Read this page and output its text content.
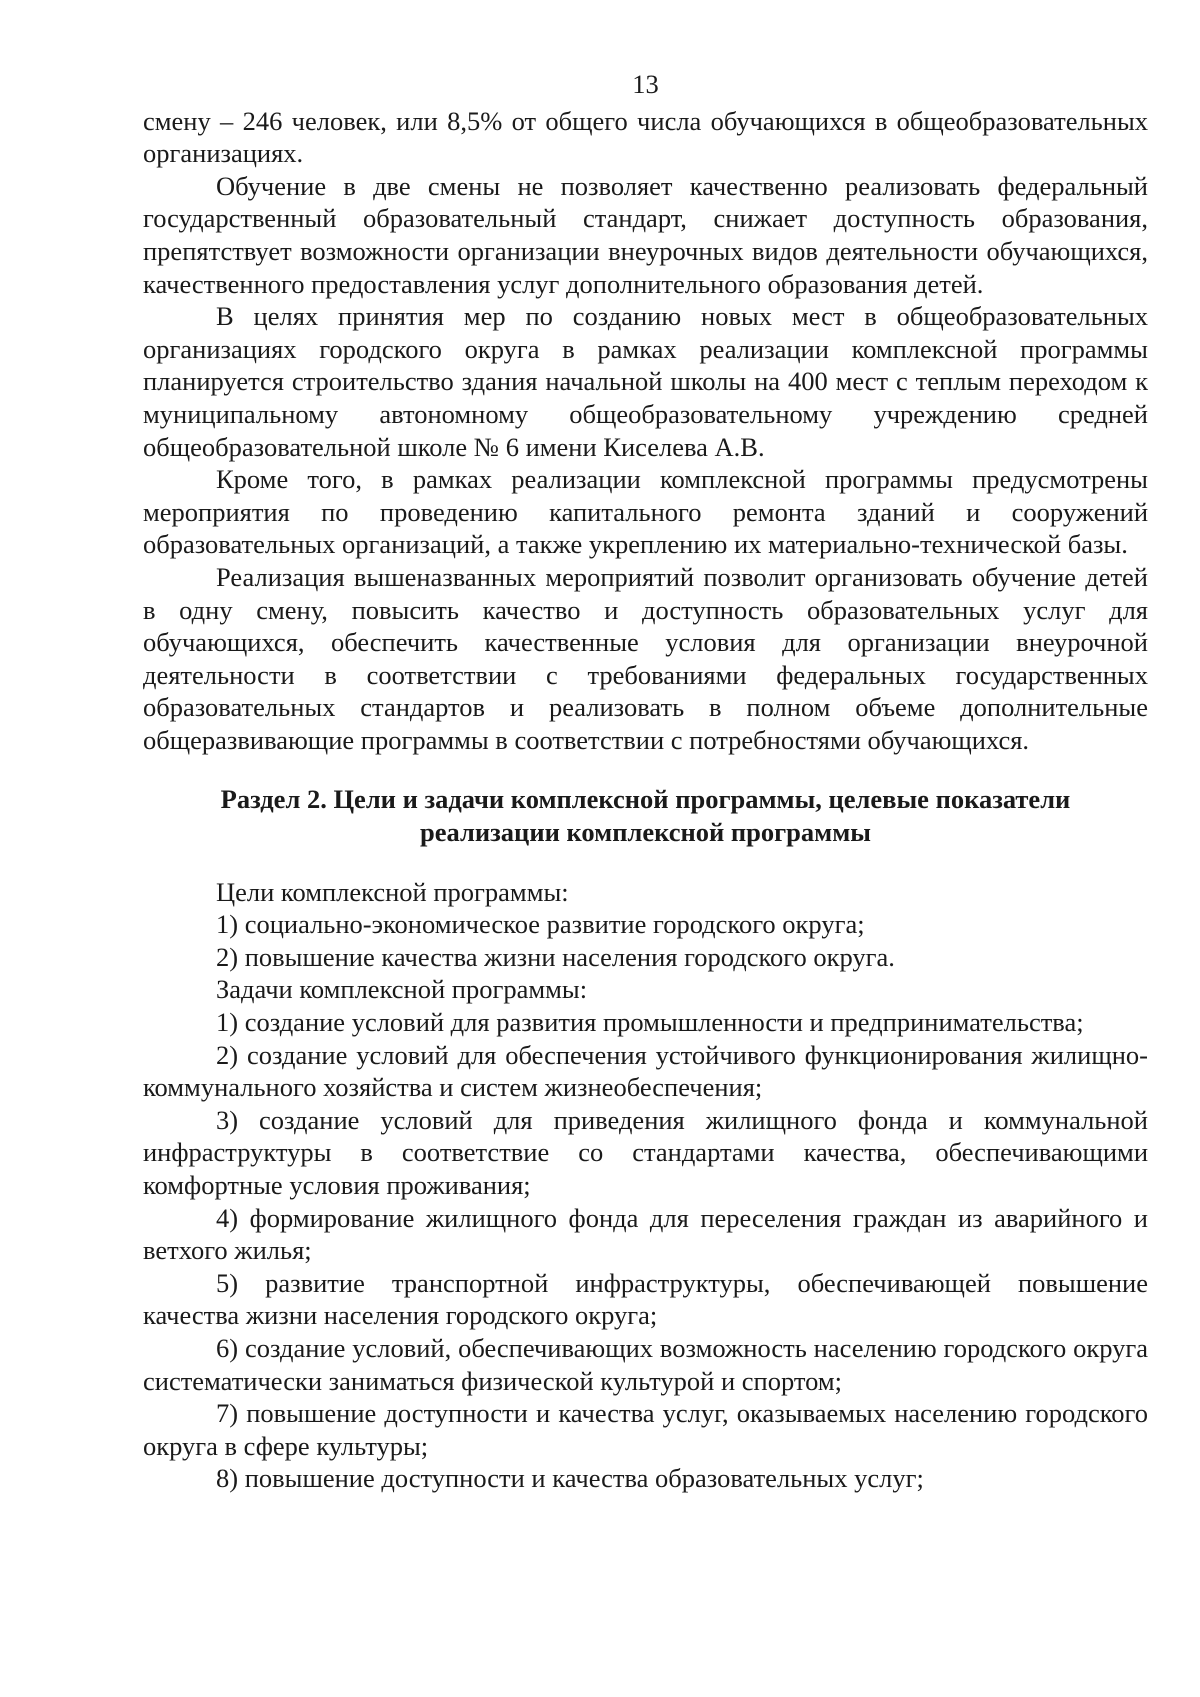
13

смену – 246 человек, или 8,5% от общего числа обучающихся в общеобразовательных организациях.

Обучение в две смены не позволяет качественно реализовать федеральный государственный образовательный стандарт, снижает доступность образования, препятствует возможности организации внеурочных видов деятельности обучающихся, качественного предоставления услуг дополнительного образования детей.

В целях принятия мер по созданию новых мест в общеобразовательных организациях городского округа в рамках реализации комплексной программы планируется строительство здания начальной школы на 400 мест с теплым переходом к муниципальному автономному общеобразовательному учреждению средней общеобразовательной школе № 6 имени Киселева А.В.

Кроме того, в рамках реализации комплексной программы предусмотрены мероприятия по проведению капитального ремонта зданий и сооружений образовательных организаций, а также укреплению их материально-технической базы.

Реализация вышеназванных мероприятий позволит организовать обучение детей в одну смену, повысить качество и доступность образовательных услуг для обучающихся, обеспечить качественные условия для организации внеурочной деятельности в соответствии с требованиями федеральных государственных образовательных стандартов и реализовать в полном объеме дополнительные общеразвивающие программы в соответствии с потребностями обучающихся.

Раздел 2. Цели и задачи комплексной программы, целевые показатели
реализации комплексной программы

Цели комплексной программы:

1) социально-экономическое развитие городского округа;

2) повышение качества жизни населения городского округа.

Задачи комплексной программы:

1) создание условий для развития промышленности и предпринимательства;

2) создание условий для обеспечения устойчивого функционирования жилищно-коммунального хозяйства и систем жизнеобеспечения;

3) создание условий для приведения жилищного фонда и коммунальной инфраструктуры в соответствие со стандартами качества, обеспечивающими комфортные условия проживания;

4) формирование жилищного фонда для переселения граждан из аварийного и ветхого жилья;

5) развитие транспортной инфраструктуры, обеспечивающей повышение качества жизни населения городского округа;

6) создание условий, обеспечивающих возможность населению городского округа систематически заниматься физической культурой и спортом;

7) повышение доступности и качества услуг, оказываемых населению городского округа в сфере культуры;

8) повышение доступности и качества образовательных услуг;
